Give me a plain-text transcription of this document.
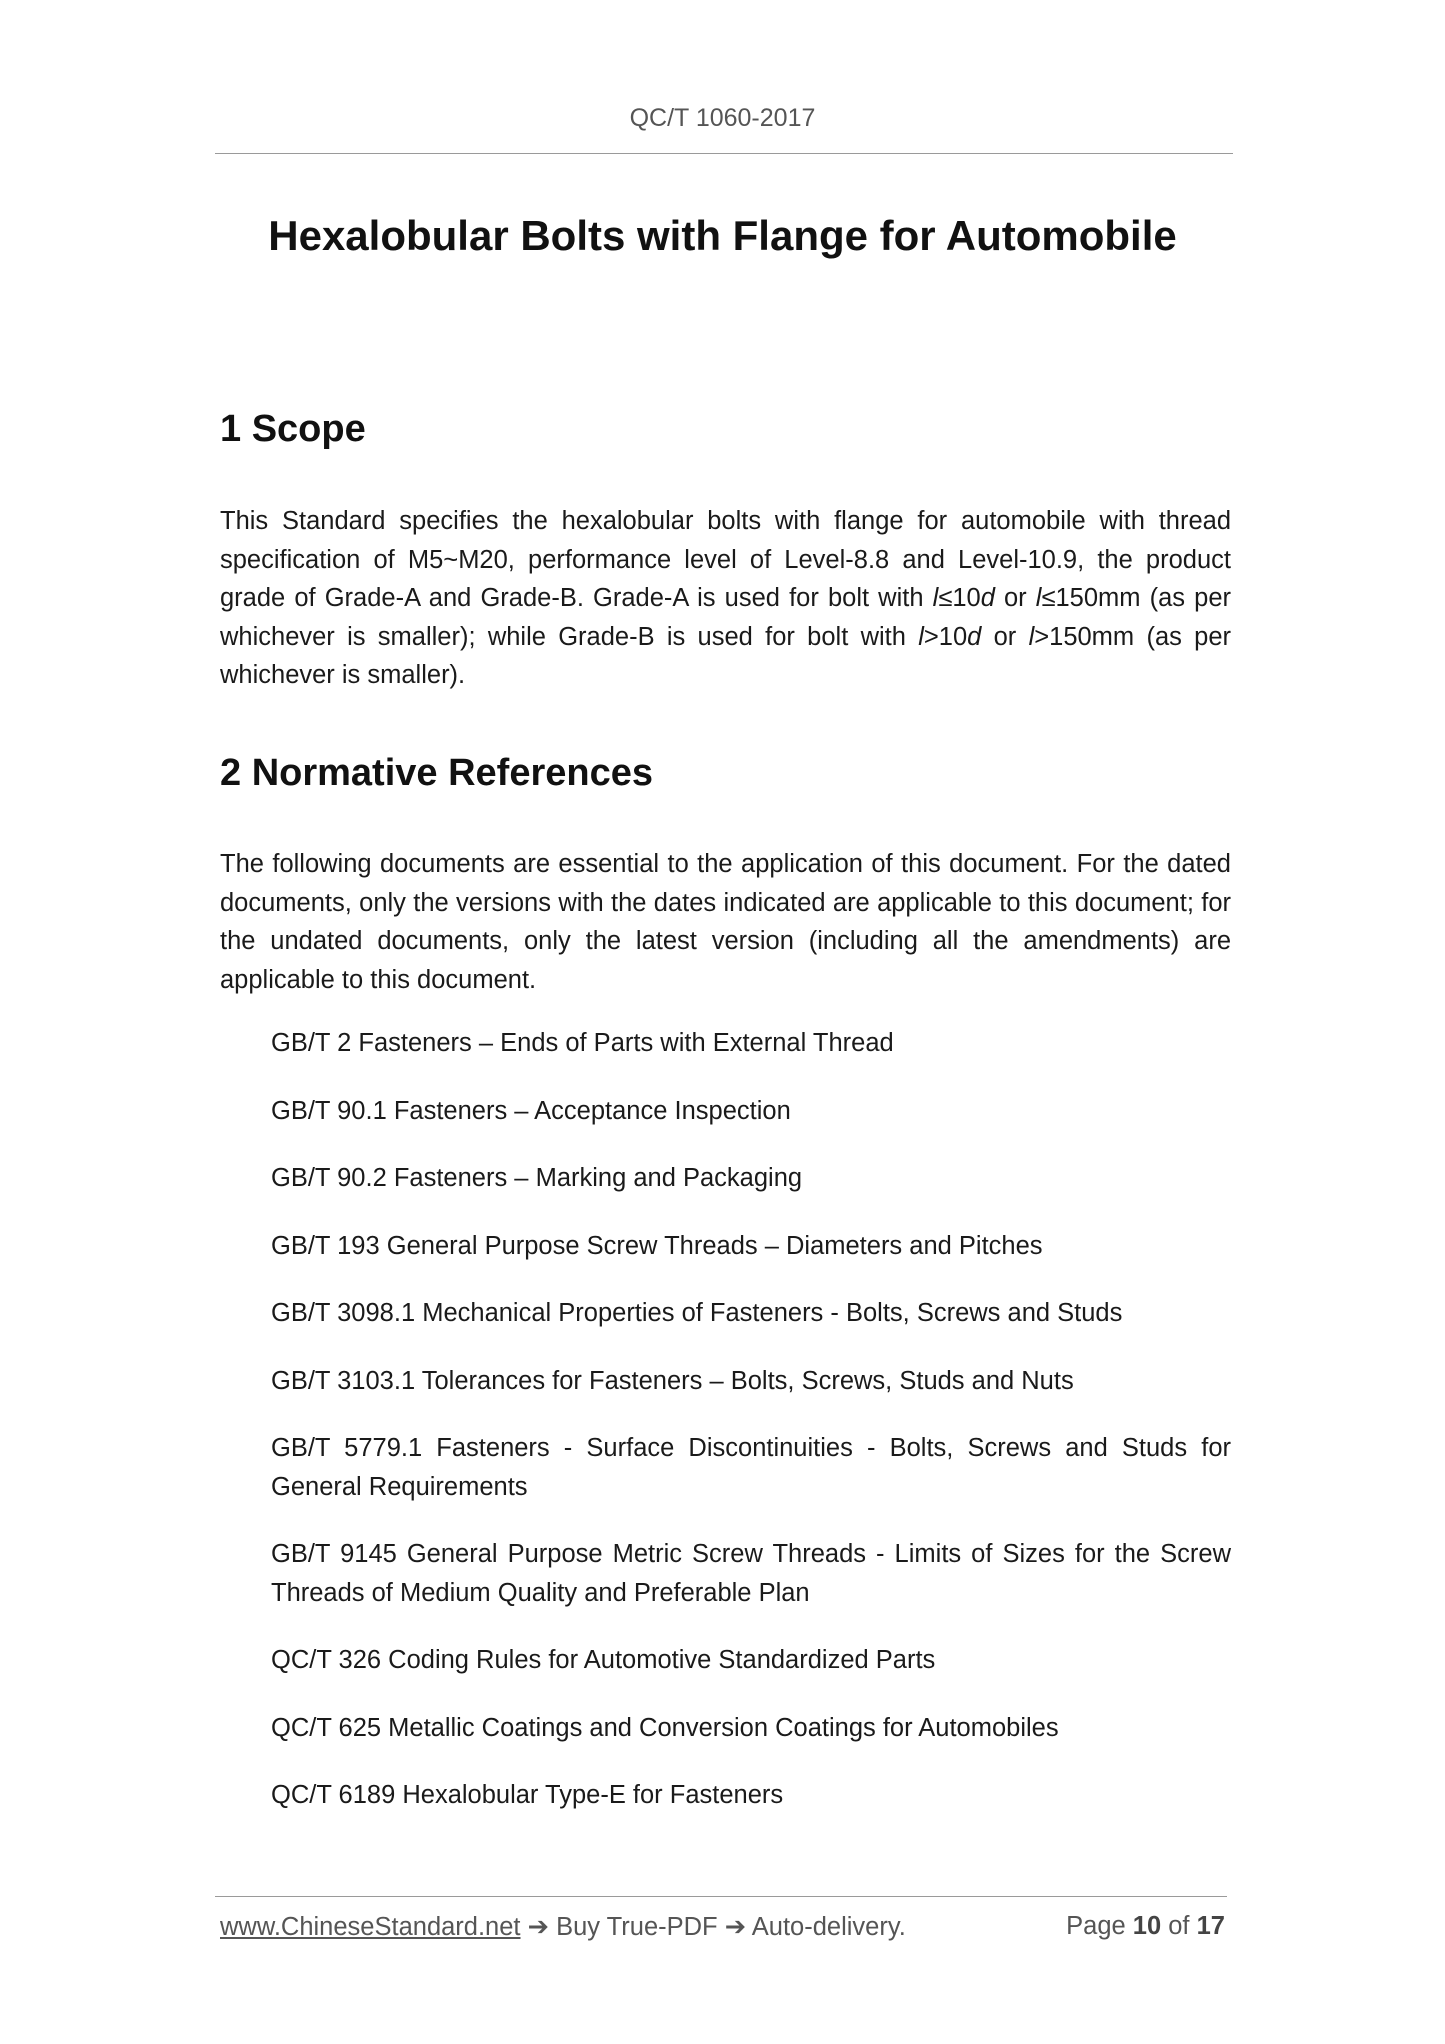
QC/T 1060-2017
Hexalobular Bolts with Flange for Automobile
1 Scope

This Standard specifies the hexalobular bolts with flange for automobile with thread specification of M5~M20, performance level of Level-8.8 and Level-10.9, the product grade of Grade-A and Grade-B. Grade-A is used for bolt with l≤10d or l≤150mm (as per whichever is smaller); while Grade-B is used for bolt with l>10d or l>150mm (as per whichever is smaller).

2 Normative References

The following documents are essential to the application of this document. For the dated documents, only the versions with the dates indicated are applicable to this document; for the undated documents, only the latest version (including all the amendments) are applicable to this document.

GB/T 2 Fasteners – Ends of Parts with External Thread
GB/T 90.1 Fasteners – Acceptance Inspection
GB/T 90.2 Fasteners – Marking and Packaging
GB/T 193 General Purpose Screw Threads – Diameters and Pitches
GB/T 3098.1 Mechanical Properties of Fasteners - Bolts, Screws and Studs
GB/T 3103.1 Tolerances for Fasteners – Bolts, Screws, Studs and Nuts
GB/T 5779.1 Fasteners - Surface Discontinuities - Bolts, Screws and Studs for General Requirements
GB/T 9145 General Purpose Metric Screw Threads - Limits of Sizes for the Screw Threads of Medium Quality and Preferable Plan
QC/T 326 Coding Rules for Automotive Standardized Parts
QC/T 625 Metallic Coatings and Conversion Coatings for Automobiles
QC/T 6189 Hexalobular Type-E for Fasteners
www.ChineseStandard.net ➔ Buy True-PDF ➔ Auto-delivery.	Page 10 of 17
